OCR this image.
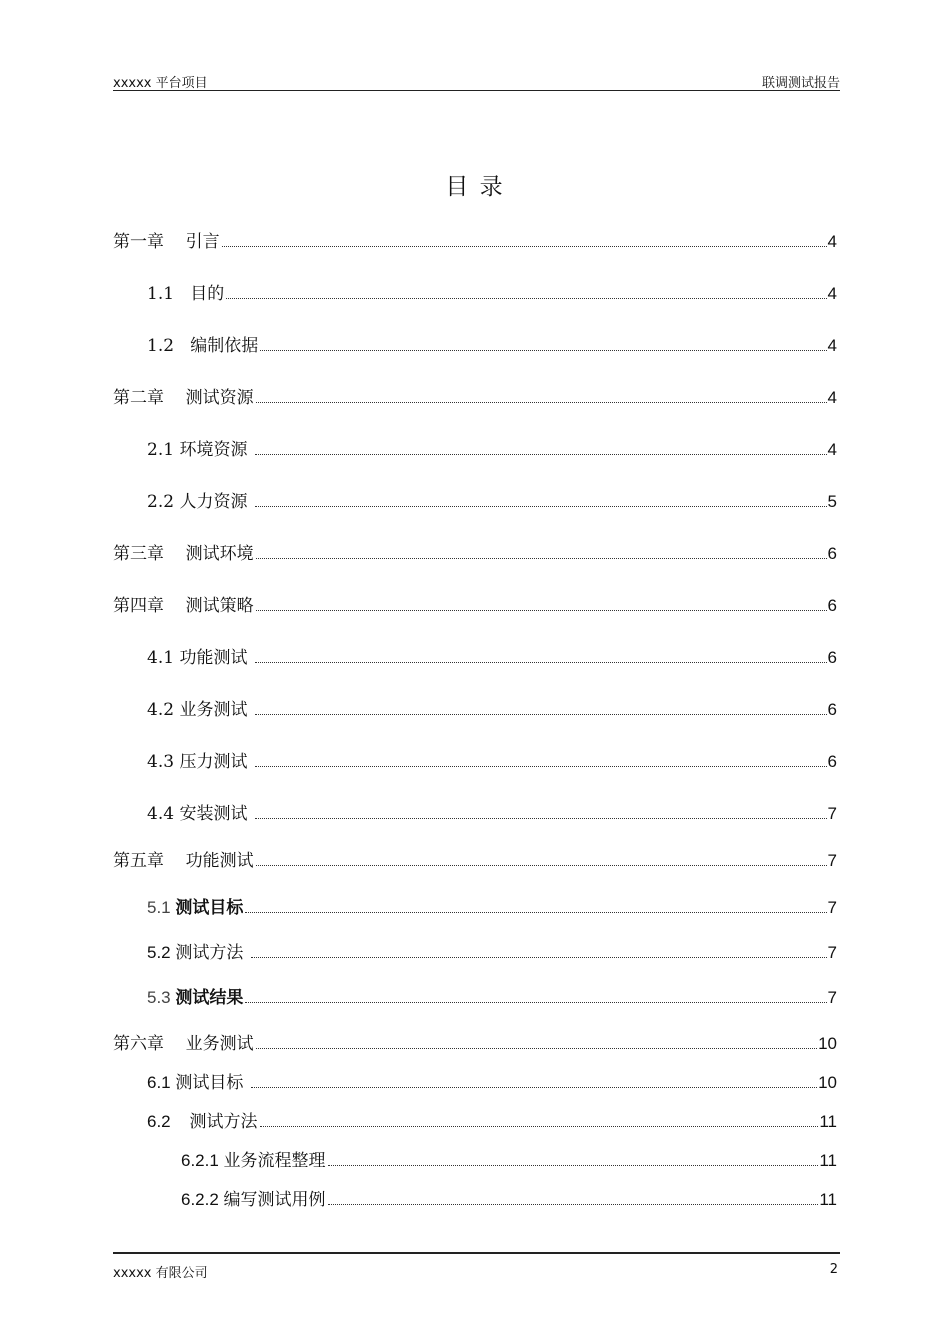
xxxxx 平台项目	联调测试报告
目 录
第一章 引言	4
1.1 目的	4
1.2 编制依据	4
第二章 测试资源	4
2.1 环境资源	4
2.2 人力资源	5
第三章 测试环境	6
第四章 测试策略	6
4.1 功能测试	6
4.2 业务测试	6
4.3 压力测试	6
4.4 安装测试	7
第五章 功能测试	7
5.1 测试目标	7
5.2 测试方法	7
5.3 测试结果	7
第六章 业务测试	10
6.1 测试目标	10
6.2 测试方法	11
6.2.1 业务流程整理	11
6.2.2 编写测试用例	11
xxxxx 有限公司	2
